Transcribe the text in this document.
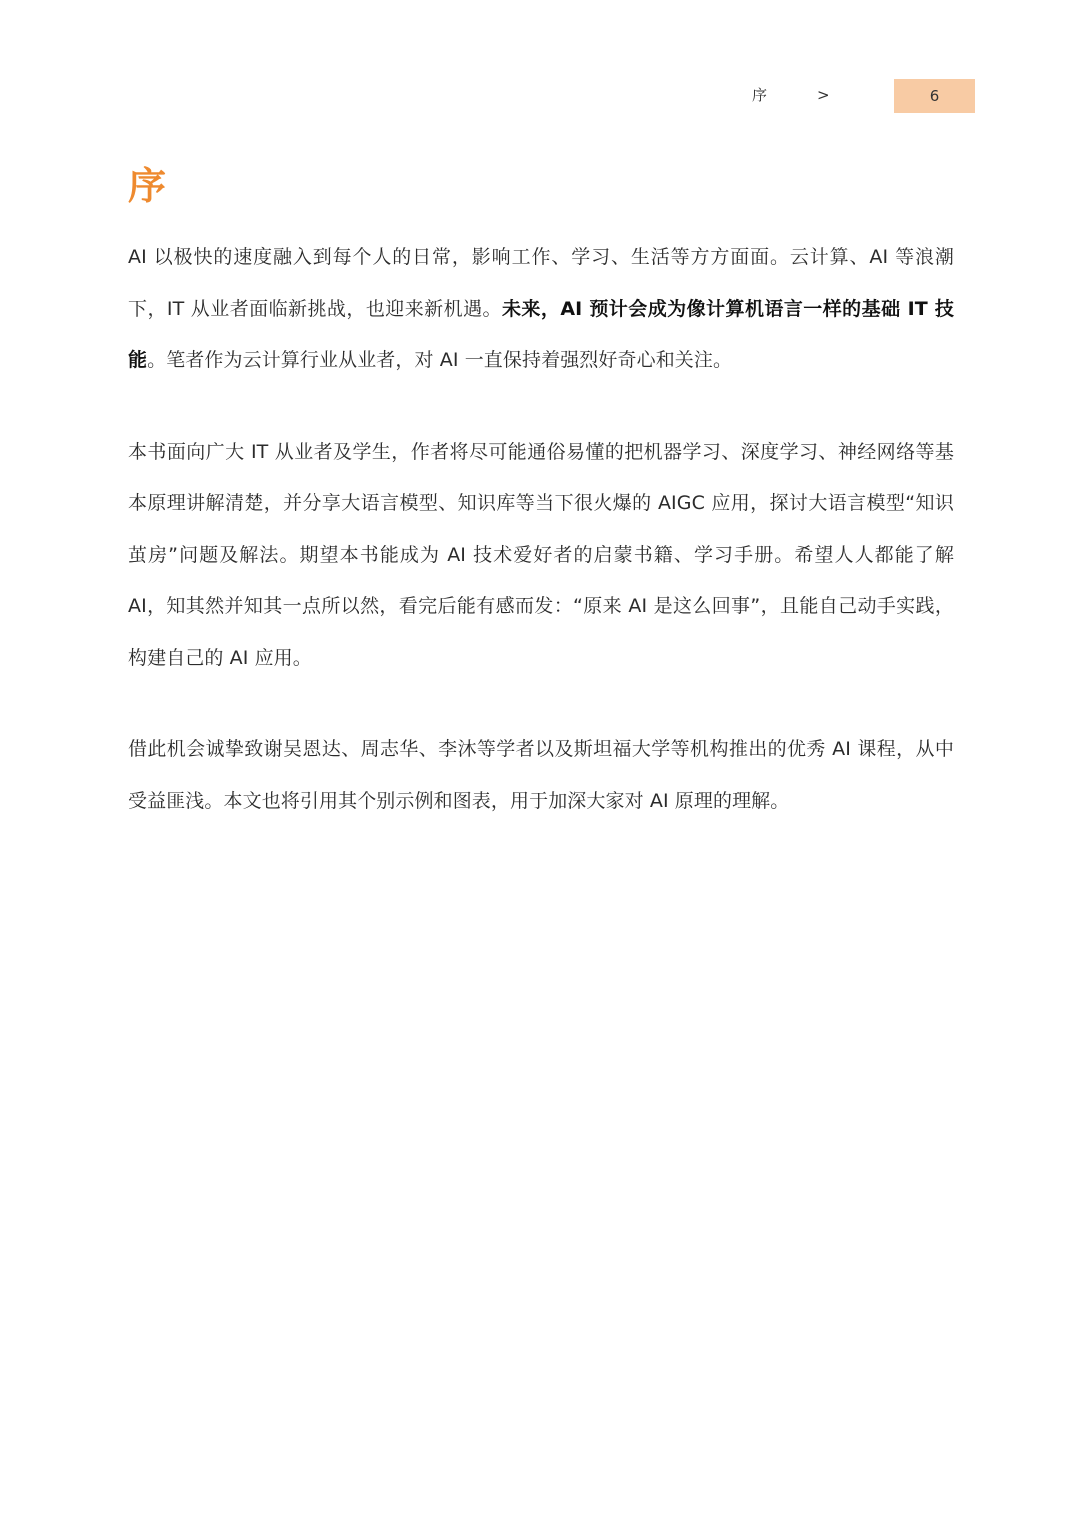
序	>	6
序

AI 以极快的速度融入到每个人的日常，影响工作、学习、生活等方方面面。云计算、AI 等浪潮下，IT 从业者面临新挑战，也迎来新机遇。未来，AI 预计会成为像计算机语言一样的基础 IT 技能。笔者作为云计算行业从业者，对 AI 一直保持着强烈好奇心和关注。

本书面向广大 IT 从业者及学生，作者将尽可能通俗易懂的把机器学习、深度学习、神经网络等基本原理讲解清楚，并分享大语言模型、知识库等当下很火爆的 AIGC 应用，探讨大语言模型“知识茧房”问题及解法。期望本书能成为 AI 技术爱好者的启蒙书籍、学习手册。希望人人都能了解 AI，知其然并知其一点所以然，看完后能有感而发：“原来 AI 是这么回事”，且能自己动手实践，构建自己的 AI 应用。

借此机会诚挚致谢吴恩达、周志华、李沐等学者以及斯坦福大学等机构推出的优秀 AI 课程，从中受益匪浅。本文也将引用其个别示例和图表，用于加深大家对 AI 原理的理解。
